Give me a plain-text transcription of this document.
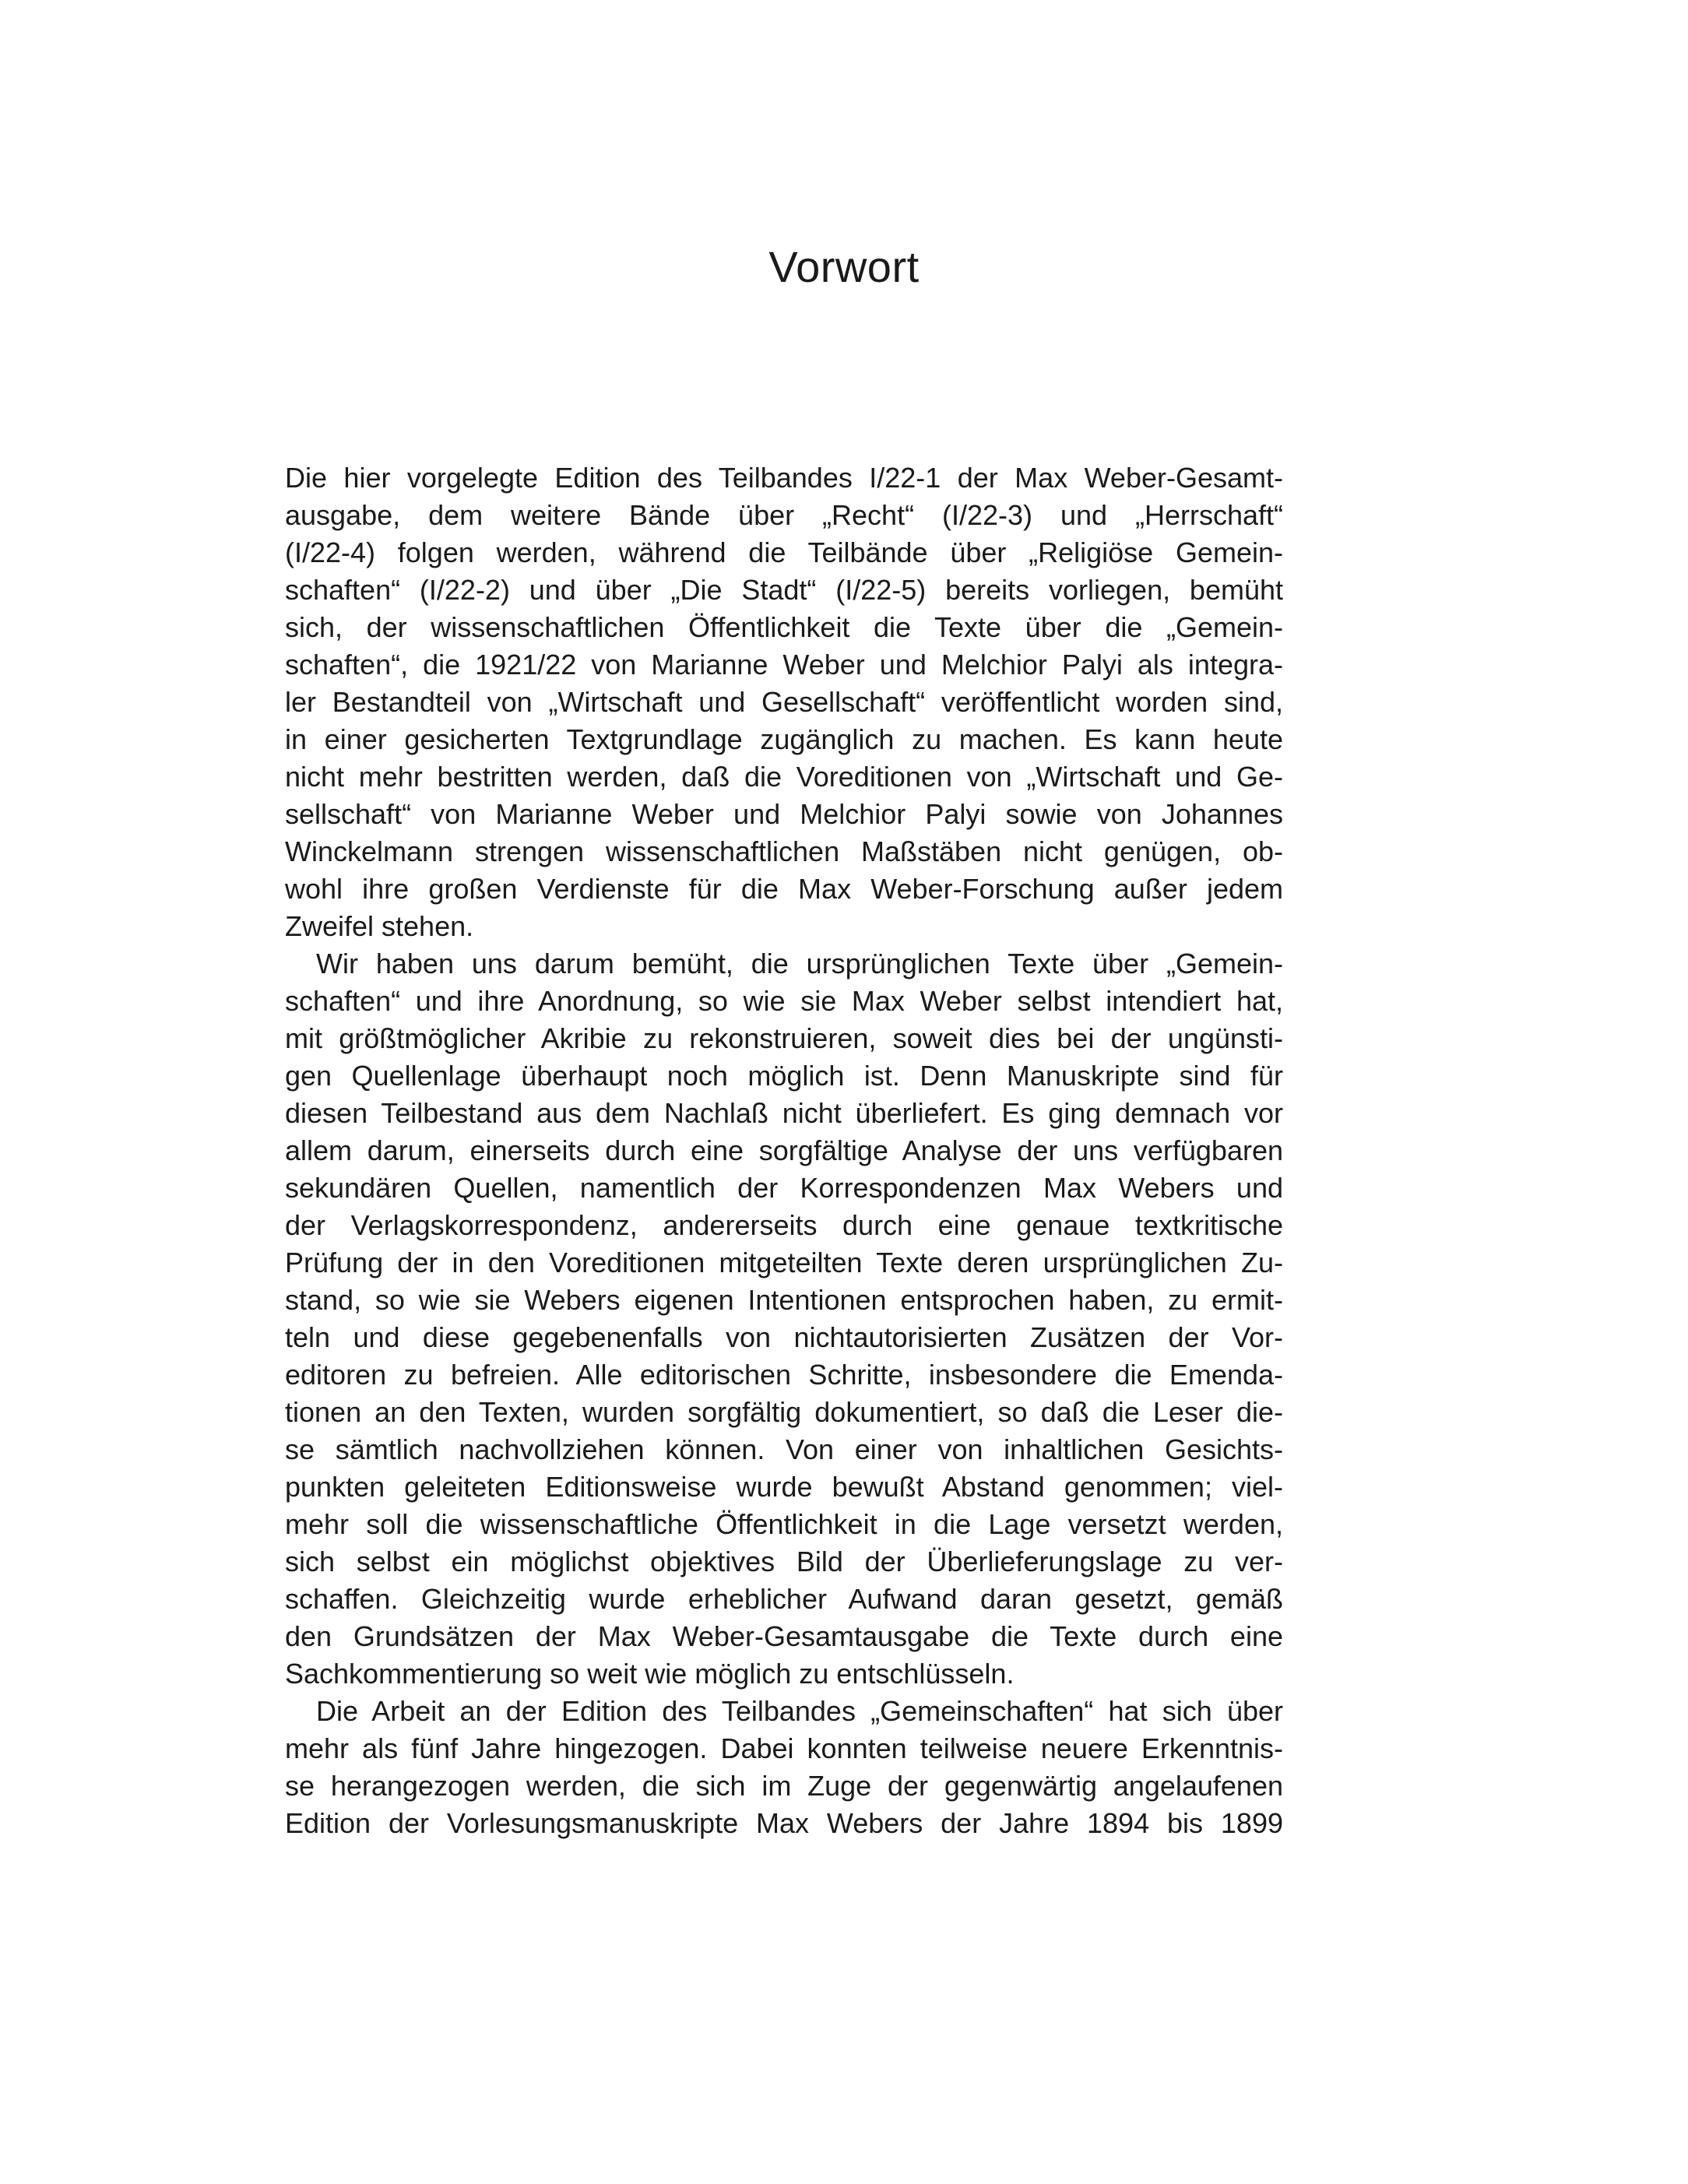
Vorwort
Die hier vorgelegte Edition des Teilbandes I/22-1 der Max Weber-Gesamt-
ausgabe, dem weitere Bände über „Recht“ (I/22-3) und „Herrschaft“
(I/22-4) folgen werden, während die Teilbände über „Religiöse Gemein-
schaften“ (I/22-2) und über „Die Stadt“ (I/22-5) bereits vorliegen, bemüht
sich, der wissenschaftlichen Öffentlichkeit die Texte über die „Gemein-
schaften“, die 1921/22 von Marianne Weber und Melchior Palyi als integra-
ler Bestandteil von „Wirtschaft und Gesellschaft“ veröffentlicht worden sind,
in einer gesicherten Textgrundlage zugänglich zu machen. Es kann heute
nicht mehr bestritten werden, daß die Voreditionen von „Wirtschaft und Ge-
sellschaft“ von Marianne Weber und Melchior Palyi sowie von Johannes
Winckelmann strengen wissenschaftlichen Maßstäben nicht genügen, ob-
wohl ihre großen Verdienste für die Max Weber-Forschung außer jedem
Zweifel stehen.
Wir haben uns darum bemüht, die ursprünglichen Texte über „Gemein-
schaften“ und ihre Anordnung, so wie sie Max Weber selbst intendiert hat,
mit größtmöglicher Akribie zu rekonstruieren, soweit dies bei der ungünsti-
gen Quellenlage überhaupt noch möglich ist. Denn Manuskripte sind für
diesen Teilbestand aus dem Nachlaß nicht überliefert. Es ging demnach vor
allem darum, einerseits durch eine sorgfältige Analyse der uns verfügbaren
sekundären Quellen, namentlich der Korrespondenzen Max Webers und
der Verlagskorrespondenz, andererseits durch eine genaue textkritische
Prüfung der in den Voreditionen mitgeteilten Texte deren ursprünglichen Zu-
stand, so wie sie Webers eigenen Intentionen entsprochen haben, zu ermit-
teln und diese gegebenenfalls von nichtautorisierten Zusätzen der Vor-
editoren zu befreien. Alle editorischen Schritte, insbesondere die Emenda-
tionen an den Texten, wurden sorgfältig dokumentiert, so daß die Leser die-
se sämtlich nachvollziehen können. Von einer von inhaltlichen Gesichts-
punkten geleiteten Editionsweise wurde bewußt Abstand genommen; viel-
mehr soll die wissenschaftliche Öffentlichkeit in die Lage versetzt werden,
sich selbst ein möglichst objektives Bild der Überlieferungslage zu ver-
schaffen. Gleichzeitig wurde erheblicher Aufwand daran gesetzt, gemäß
den Grundsätzen der Max Weber-Gesamtausgabe die Texte durch eine
Sachkommentierung so weit wie möglich zu entschlüsseln.
Die Arbeit an der Edition des Teilbandes „Gemeinschaften“ hat sich über
mehr als fünf Jahre hingezogen. Dabei konnten teilweise neuere Erkenntnis-
se herangezogen werden, die sich im Zuge der gegenwärtig angelaufenen
Edition der Vorlesungsmanuskripte Max Webers der Jahre 1894 bis 1899
